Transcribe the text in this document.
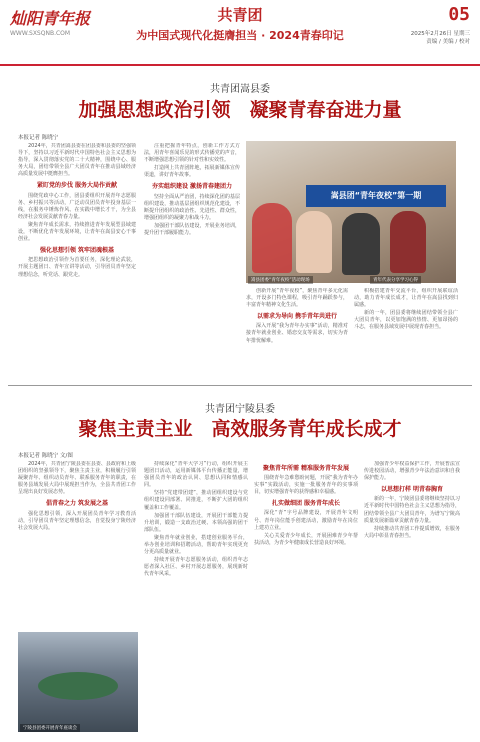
灿阳青年报
WWW.SXSQNB.COM
共青团
为中国式现代化挺膺担当 · 2024青春印记
05
2025年2月26日 星期三
责编 / 美编 / 校对
共青团嵩县委
加强思想政治引领　凝聚青春奋进力量
本报记者 陈晓宁

2024年，共青团嵩县委在团县委和县委的坚强领导下，坚持以习近平新时代中国特色社会主义思想为指导，深入贯彻落实党的二十大精神，围绕中心、服务大局，团结带领全县广大团员青年在推动县域经济高质量发展中挺膺担当。

紧盯党的步伐 服务大局作贡献

围绕党政中心工作，团县委组织开展青年志愿服务、乡村振兴等活动，广泛动员团员青年投身基层一线，在服务中锤炼作风、在实践中增长才干，为全县经济社会发展贡献青春力量。

聚焦青年成长需求，持续推进青年发展型县域建设，不断优化青年发展环境，让青年在嵩县安心干事创业。

强化思想引领 筑牢团魂根基

把思想政治引领作为首要任务，深化理论武装，开展主题团日、青年宣讲等活动，引导团员青年坚定理想信念，听党话、跟党走。

注重把握青年特点，创新工作方式方法，用青年喜闻乐见的形式传播党的声音，不断增强思想引领的针对性和实效性。

打造网上共青团阵地，拓展新媒体宣传渠道，讲好青年故事。

夯实组织建设 激扬青春建团力

坚持全面从严治团，持续深化团的基层组织建设，推动基层团组织规范化建设，不断提升团组织的政治性、先进性、群众性，增强团组织的凝聚力和战斗力。

加强团干部队伍建设，开展业务培训，提升团干部履职能力。

嵩县团“青年夜校”第一期
嵩县团委“青年夜校”活动现场	青年代表分享学习心得

创新开展“青年夜校”，聚焦青年多元化需求，开设多门特色课程，吸引青年踊跃参与，丰富青年精神文化生活。

以需求为导向 携手青年共进行

深入开展“我为青年办实事”活动，精准对接青年就业创业、婚恋交友等需求，切实为青年排忧解难。

积极搭建青年交流平台，组织开展联谊活动，助力青年成长成才，让青年在嵩县找到归属感。

新的一年，团县委将继续团结带领全县广大团员青年，以更加饱满的热情、更加昂扬的斗志，在服务县域发展中展现青春担当。

共青团宁陵县委
聚焦主责主业　高效服务青年成长成才
本报记者 陈晓宁 文/图

2024年，共青团宁陵县委在县委、县政府和上级团组织的坚强领导下，聚焦主责主业，积极履行引领凝聚青年、组织动员青年、联系服务青年的职责，在服务县域发展大局中展现担当作为，全县共青团工作呈现出良好发展态势。

倡青春之力 筑发展之基

强化思想引领，深入开展团员青年学习教育活动，引导团员青年坚定理想信念，自觉投身宁陵经济社会发展大局。

宁陵县团委开展青年座谈会

持续深化“青年大学习”行动，组织开展主题团日活动，运用新媒体平台传播正能量，增强团员青年的政治认同、思想认同和情感认同。

坚持“党建带团建”，推动团组织建设与党组织建设同部署、同推进，不断扩大团的组织覆盖和工作覆盖。

加强团干部队伍建设，开展团干部能力提升培训，锻造一支政治过硬、本领高强的团干部队伍。

聚焦青年就业创业，搭建创业服务平台，举办创业培训和招聘活动，帮助青年实现更充分更高质量就业。

持续开展青年志愿服务活动，组织青年志愿者深入社区、乡村开展志愿服务，展现新时代青年风采。

聚焦青年所需 精准服务青年发展

围绕青年急难愁盼问题，开展“我为青年办实事”实践活动，实施一批服务青年的实事项目，切实增强青年的获得感和幸福感。

扎实做细团 服务青年成长

深化“青”字号品牌建设，开展青年文明号、青年岗位能手创建活动，激励青年在岗位上建功立业。

关心关爱青少年成长，开展困难青少年帮扶活动，为青少年健康成长营造良好环境。

加强青少年权益保护工作，开展普法宣传进校园活动，增强青少年法治意识和自我保护能力。

以思想打样 明青春胸育

新的一年，宁陵团县委将继续坚持以习近平新时代中国特色社会主义思想为指导，团结带领全县广大团员青年，为谱写宁陵高质量发展新篇章贡献青春力量。

持续推动共青团工作提质增效，在服务大局中彰显青春担当。
